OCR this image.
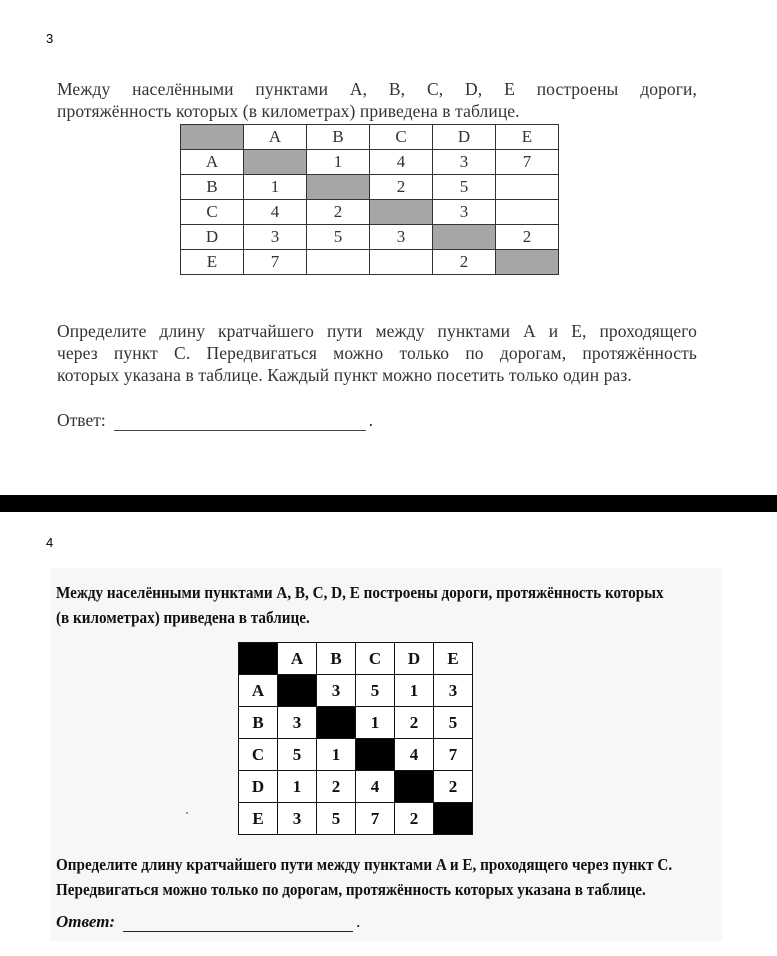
3
Между населёнными пунктами А, В, С, D, Е построены дороги,
протяжённость которых (в километрах) приведена в таблице.
	A	B	C	D	E
A		1	4	3	7
B	1		2	5	
C	4	2		3	
D	3	5	3		2
E	7			2	
Определите длину кратчайшего пути между пунктами А и Е, проходящего
через пункт С. Передвигаться можно только по дорогам, протяжённость
которых указана в таблице. Каждый пункт можно посетить только один раз.
Ответ:	.
4
Между населёнными пунктами A, B, C, D, E построены дороги, протяжённость которых
(в километрах) приведена в таблице.
	A	B	C	D	E
A		3	5	1	3
B	3		1	2	5
C	5	1		4	7
D	1	2	4		2
E	3	5	7	2	
Определите длину кратчайшего пути между пунктами A и E, проходящего через пункт C.
Передвигаться можно только по дорогам, протяжённость которых указана в таблице.
Ответ:	.
